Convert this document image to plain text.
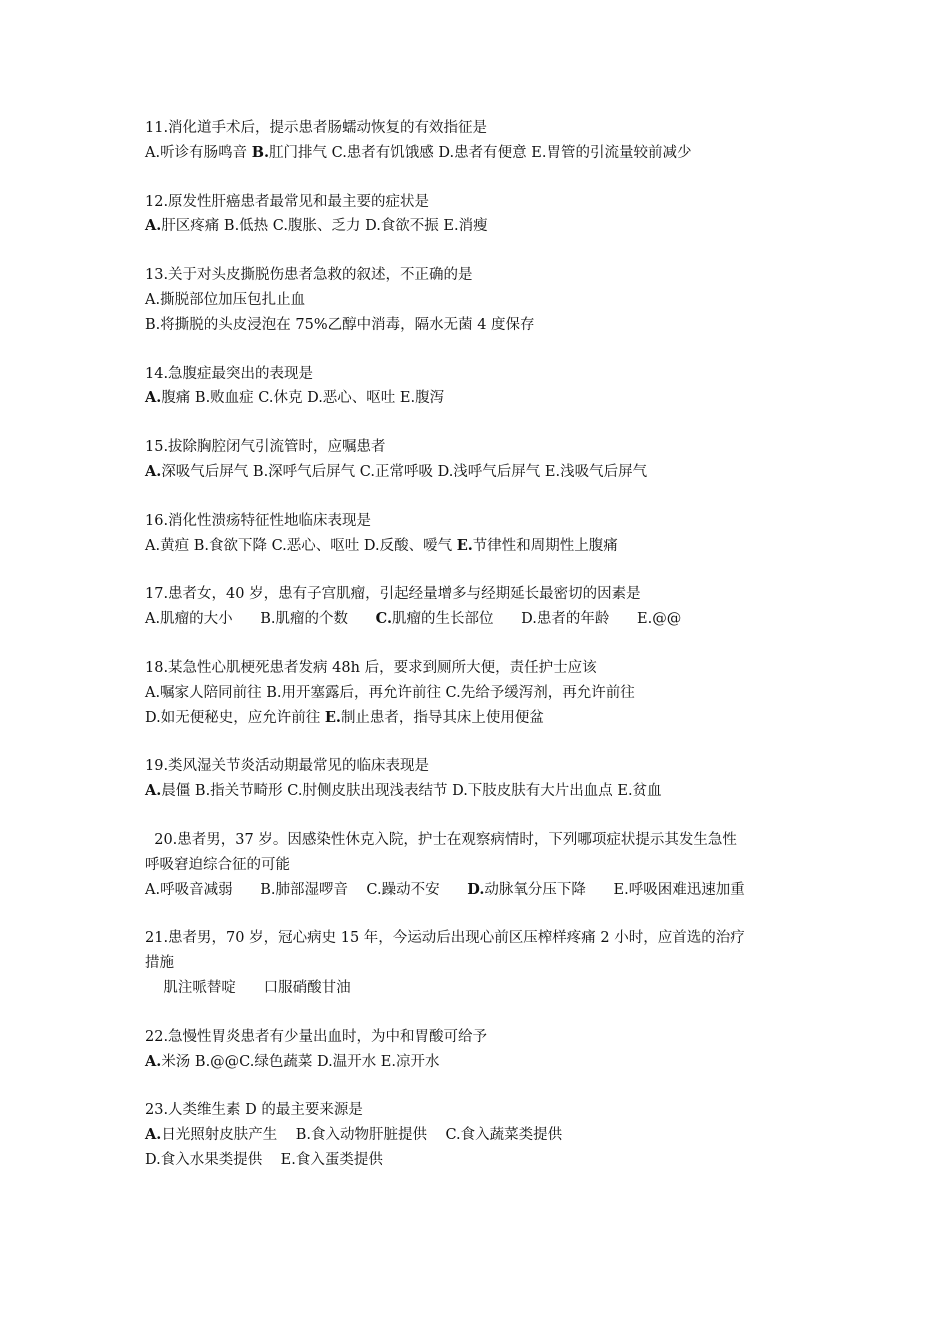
11.消化道手术后，提示患者肠蠕动恢复的有效指征是
A.听诊有肠鸣音 B.肛门排气 C.患者有饥饿感 D.患者有便意 E.胃管的引流量较前减少
12.原发性肝癌患者最常见和最主要的症状是
A.肝区疼痛 B.低热 C.腹胀、乏力 D.食欲不振 E.消瘦
13.关于对头皮撕脱伤患者急救的叙述，不正确的是
A.撕脱部位加压包扎止血
B.将撕脱的头皮浸泡在 75%乙醇中消毒，隔水无菌 4 度保存
14.急腹症最突出的表现是
A.腹痛 B.败血症 C.休克 D.恶心、呕吐 E.腹泻
15.拔除胸腔闭气引流管时，应嘱患者
A.深吸气后屏气 B.深呼气后屏气 C.正常呼吸 D.浅呼气后屏气 E.浅吸气后屏气
16.消化性溃疡特征性地临床表现是
A.黄疸 B.食欲下降 C.恶心、呕吐 D.反酸、嗳气 E.节律性和周期性上腹痛
17.患者女，40 岁，患有子宫肌瘤，引起经量增多与经期延长最密切的因素是
A.肌瘤的大小      B.肌瘤的个数      C.肌瘤的生长部位      D.患者的年龄      E.@@
18.某急性心肌梗死患者发病 48h 后，要求到厕所大便，责任护士应该
A.嘱家人陪同前往 B.用开塞露后，再允许前往 C.先给予缓泻剂，再允许前往
D.如无便秘史，应允许前往 E.制止患者，指导其床上使用便盆
19.类风湿关节炎活动期最常见的临床表现是
A.晨僵 B.指关节畸形 C.肘侧皮肤出现浅表结节 D.下肢皮肤有大片出血点 E.贫血
20.患者男，37 岁。因感染性休克入院，护士在观察病情时，下列哪项症状提示其发生急性
呼吸窘迫综合征的可能
A.呼吸音减弱      B.肺部湿啰音    C.躁动不安      D.动脉氧分压下降      E.呼吸困难迅速加重
21.患者男，70 岁，冠心病史 15 年，今运动后出现心前区压榨样疼痛 2 小时，应首选的治疗
措施
肌注哌替啶      口服硝酸甘油
22.急慢性胃炎患者有少量出血时，为中和胃酸可给予
A.米汤 B.@@C.绿色蔬菜 D.温开水 E.凉开水
23.人类维生素 D 的最主要来源是
A.日光照射皮肤产生    B.食入动物肝脏提供    C.食入蔬菜类提供
D.食入水果类提供    E.食入蛋类提供
